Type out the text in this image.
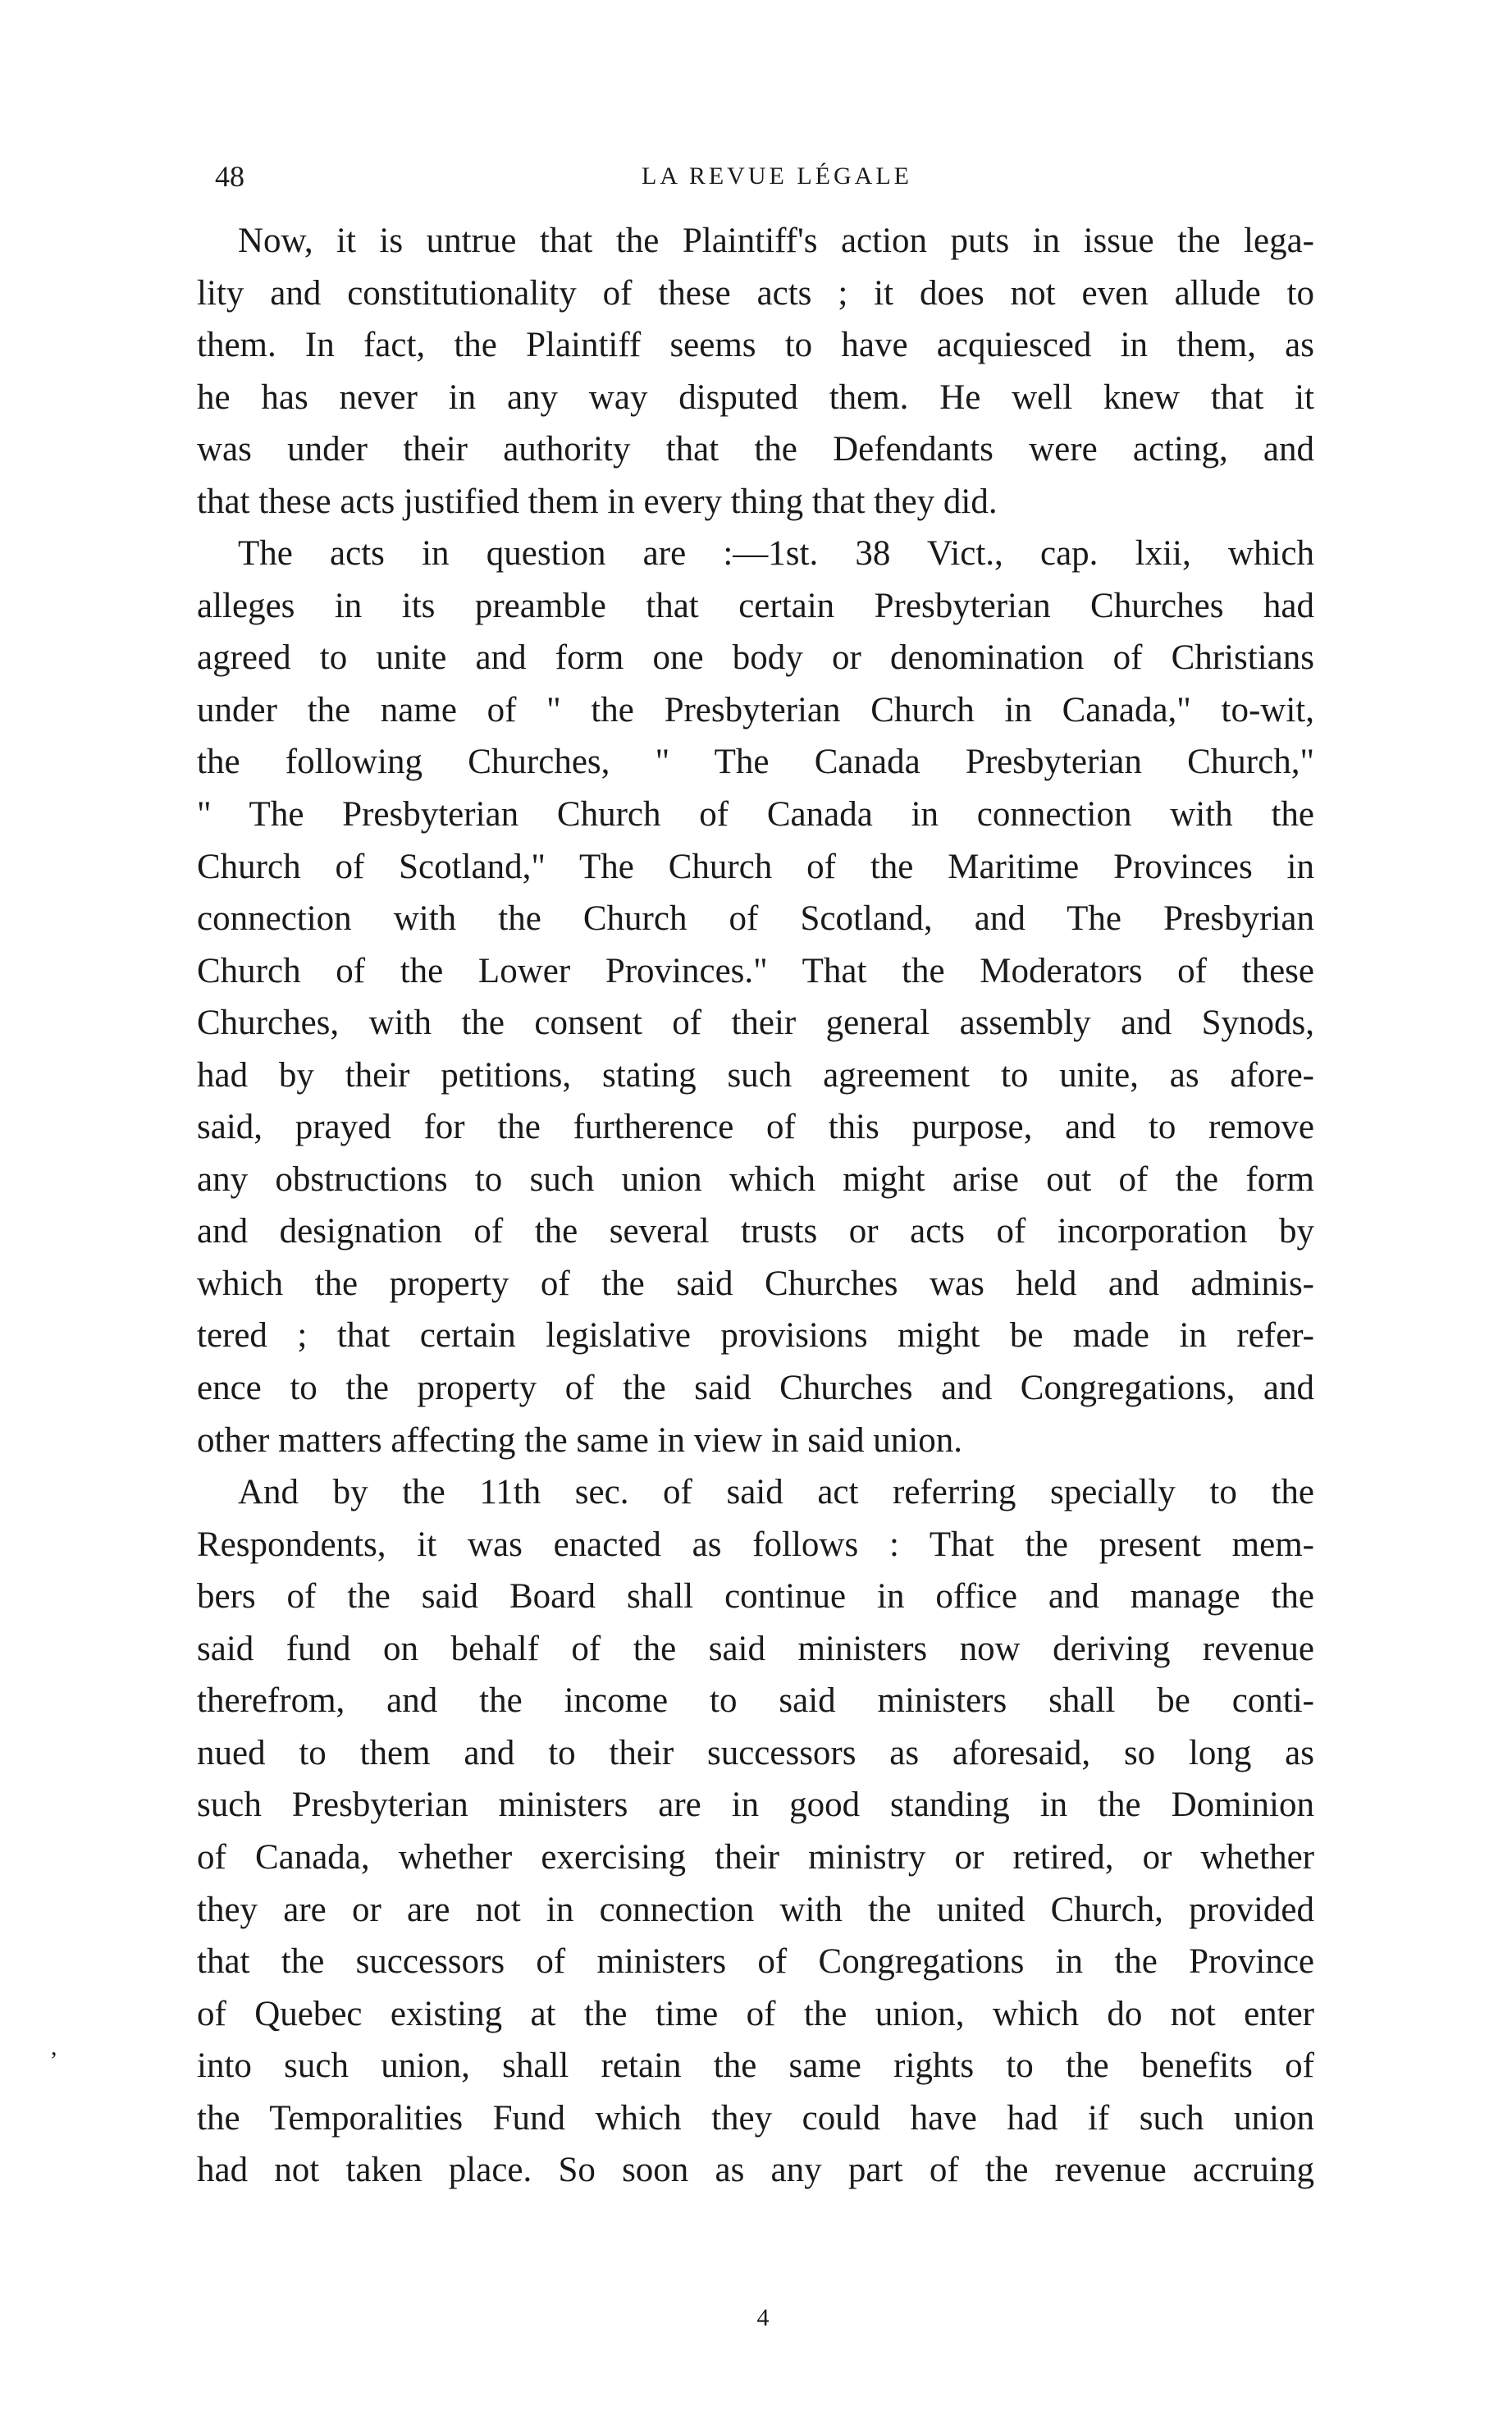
48	LA REVUE LÉGALE
Now, it is untrue that the Plaintiff's action puts in issue the lega-
lity and constitutionality of these acts ; it does not even allude to
them. In fact, the Plaintiff seems to have acquiesced in them, as
he has never in any way disputed them. He well knew that it
was under their authority that the Defendants were acting, and
that these acts justified them in every thing that they did.
The acts in question are :—1st. 38 Vict., cap. lxii, which
alleges in its preamble that certain Presbyterian Churches had
agreed to unite and form one body or denomination of Christians
under the name of " the Presbyterian Church in Canada," to-wit,
the following Churches, " The Canada Presbyterian Church,"
" The Presbyterian Church of Canada in connection with the
Church of Scotland," The Church of the Maritime Provinces in
connection with the Church of Scotland, and The Presbyrian
Church of the Lower Provinces." That the Moderators of these
Churches, with the consent of their general assembly and Synods,
had by their petitions, stating such agreement to unite, as afore-
said, prayed for the furtherence of this purpose, and to remove
any obstructions to such union which might arise out of the form
and designation of the several trusts or acts of incorporation by
which the property of the said Churches was held and adminis-
tered ; that certain legislative provisions might be made in refer-
ence to the property of the said Churches and Congregations, and
other matters affecting the same in view in said union.
And by the 11th sec. of said act referring specially to the
Respondents, it was enacted as follows : That the present mem-
bers of the said Board shall continue in office and manage the
said fund on behalf of the said ministers now deriving revenue
therefrom, and the income to said ministers shall be conti-
nued to them and to their successors as aforesaid, so long as
such Presbyterian ministers are in good standing in the Dominion
of Canada, whether exercising their ministry or retired, or whether
they are or are not in connection with the united Church, provided
that the successors of ministers of Congregations in the Province
of Quebec existing at the time of the union, which do not enter
into such union, shall retain the same rights to the benefits of
the Temporalities Fund which they could have had if such union
had not taken place. So soon as any part of the revenue accruing
,
4
